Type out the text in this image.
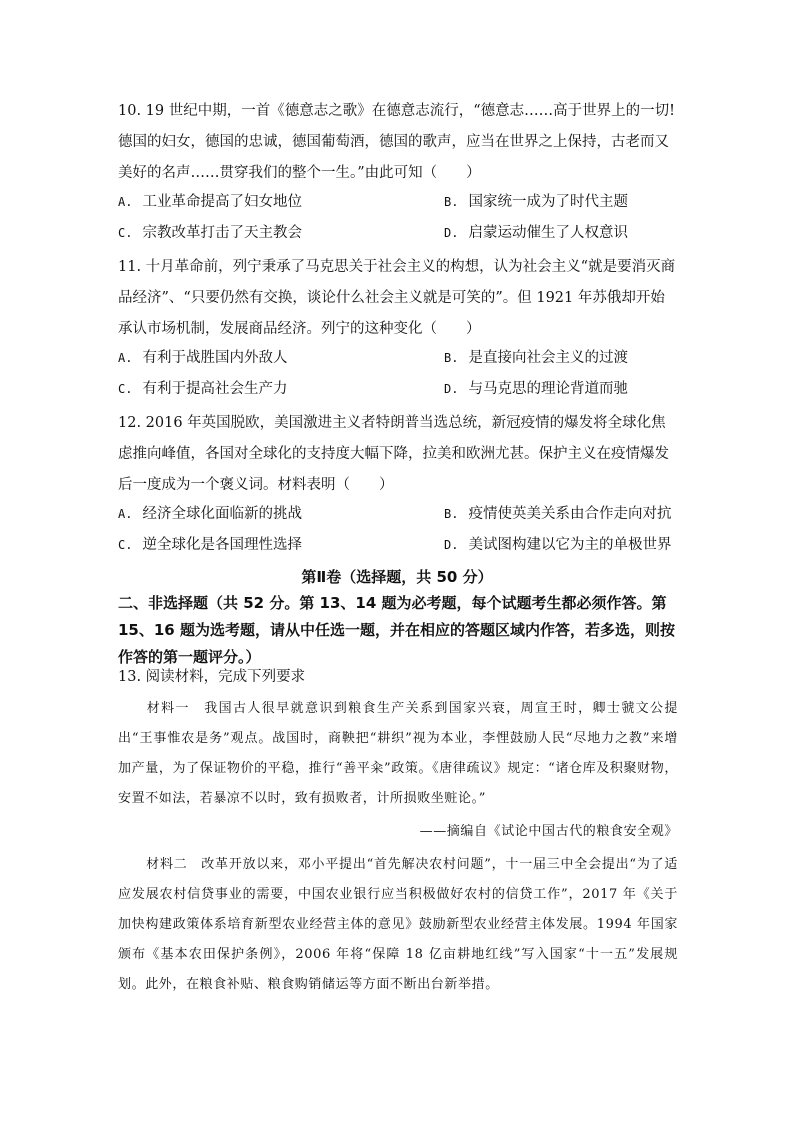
10. 19 世纪中期，一首《德意志之歌》在德意志流行，“德意志……高于世界上的一切!德国的妇女，德国的忠诚，德国葡萄酒，德国的歌声，应当在世界之上保持，古老而又美好的名声……贯穿我们的整个一生。”由此可知（　　）
A. 工业革命提高了妇女地位	B. 国家统一成为了时代主题
C. 宗教改革打击了天主教会	D. 启蒙运动催生了人权意识
11. 十月革命前，列宁秉承了马克思关于社会主义的构想，认为社会主义“就是要消灭商品经济”、“只要仍然有交换，谈论什么社会主义就是可笑的”。但 1921 年苏俄却开始承认市场机制，发展商品经济。列宁的这种变化（　　）
A. 有利于战胜国内外敌人	B. 是直接向社会主义的过渡
C. 有利于提高社会生产力	D. 与马克思的理论背道而驰
12. 2016 年英国脱欧，美国激进主义者特朗普当选总统，新冠疫情的爆发将全球化焦虑推向峰值，各国对全球化的支持度大幅下降，拉美和欧洲尤甚。保护主义在疫情爆发后一度成为一个褒义词。材料表明（　　）
A. 经济全球化面临新的挑战	B. 疫情使英美关系由合作走向对抗
C. 逆全球化是各国理性选择	D. 美试图构建以它为主的单极世界
第Ⅱ卷（选择题，共 50 分）
二、非选择题（共 52 分。第 13、14 题为必考题，每个试题考生都必须作答。第 15、16 题为选考题，请从中任选一题，并在相应的答题区域内作答，若多选，则按作答的第一题评分。）
13. 阅读材料，完成下列要求
材料一　我国古人很早就意识到粮食生产关系到国家兴衰，周宣王时，卿士虢文公提出“王事惟农是务”观点。战国时，商鞅把“耕织”视为本业，李悝鼓励人民“尽地力之教”来增加产量，为了保证物价的平稳，推行“善平籴”政策。《唐律疏议》规定：“诸仓库及积聚财物，安置不如法，若暴凉不以时，致有损败者，计所损败坐赃论。”
——摘编自《试论中国古代的粮食安全观》
材料二　改革开放以来，邓小平提出“首先解决农村问题”，十一届三中全会提出“为了适应发展农村信贷事业的需要，中国农业银行应当积极做好农村的信贷工作”，2017 年《关于加快构建政策体系培育新型农业经营主体的意见》鼓励新型农业经营主体发展。1994 年国家颁布《基本农田保护条例》，2006 年将“保障 18 亿亩耕地红线”写入国家“十一五”发展规划。此外，在粮食补贴、粮食购销储运等方面不断出台新举措。
